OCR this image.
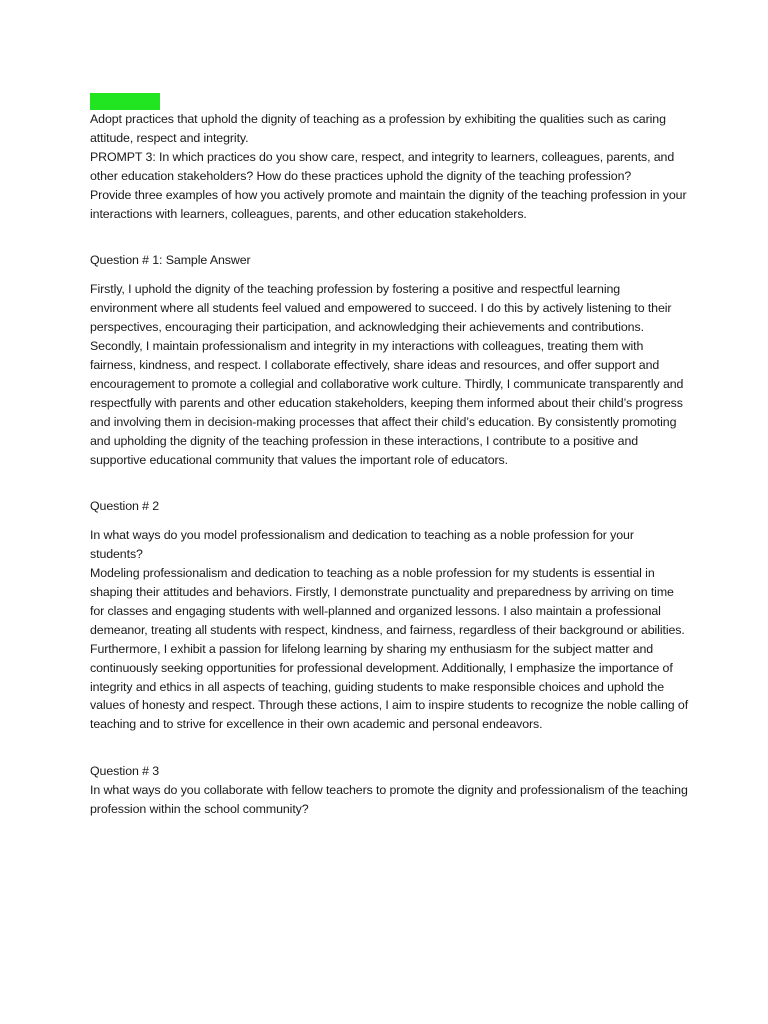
Adopt practices that uphold the dignity of teaching as a profession by exhibiting the qualities such as caring attitude, respect and integrity.

PROMPT 3: In which practices do you show care, respect, and integrity to learners, colleagues, parents, and other education stakeholders? How do these practices uphold the dignity of the teaching profession?

Provide three examples of how you actively promote and maintain the dignity of the teaching profession in your interactions with learners, colleagues, parents, and other education stakeholders.

Question # 1: Sample Answer

Firstly, I uphold the dignity of the teaching profession by fostering a positive and respectful learning environment where all students feel valued and empowered to succeed. I do this by actively listening to their perspectives, encouraging their participation, and acknowledging their achievements and contributions. Secondly, I maintain professionalism and integrity in my interactions with colleagues, treating them with fairness, kindness, and respect. I collaborate effectively, share ideas and resources, and offer support and encouragement to promote a collegial and collaborative work culture. Thirdly, I communicate transparently and respectfully with parents and other education stakeholders, keeping them informed about their child’s progress and involving them in decision-making processes that affect their child’s education. By consistently promoting and upholding the dignity of the teaching profession in these interactions, I contribute to a positive and supportive educational community that values the important role of educators.

Question # 2

In what ways do you model professionalism and dedication to teaching as a noble profession for your students?

Modeling professionalism and dedication to teaching as a noble profession for my students is essential in shaping their attitudes and behaviors. Firstly, I demonstrate punctuality and preparedness by arriving on time for classes and engaging students with well-planned and organized lessons. I also maintain a professional demeanor, treating all students with respect, kindness, and fairness, regardless of their background or abilities. Furthermore, I exhibit a passion for lifelong learning by sharing my enthusiasm for the subject matter and continuously seeking opportunities for professional development. Additionally, I emphasize the importance of integrity and ethics in all aspects of teaching, guiding students to make responsible choices and uphold the values of honesty and respect. Through these actions, I aim to inspire students to recognize the noble calling of teaching and to strive for excellence in their own academic and personal endeavors.

Question # 3

In what ways do you collaborate with fellow teachers to promote the dignity and professionalism of the teaching profession within the school community?
